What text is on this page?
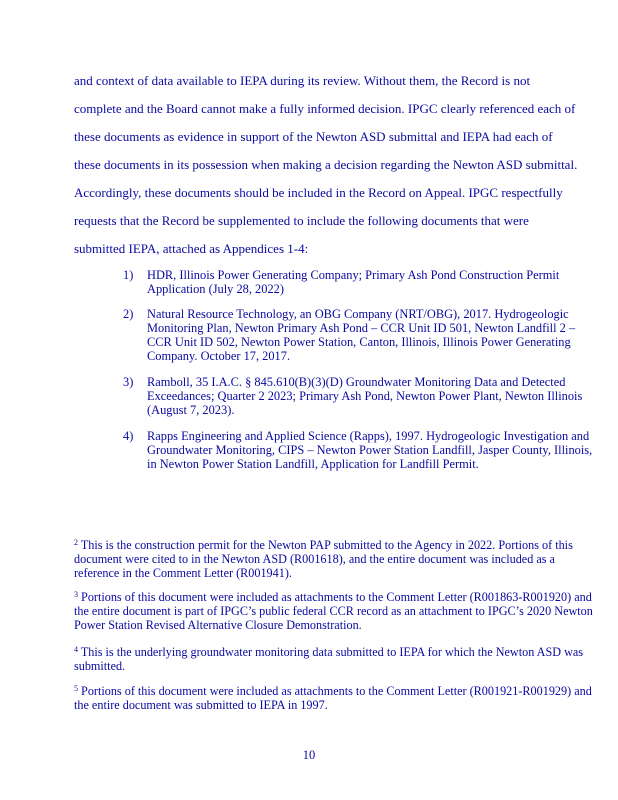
and context of data available to IEPA during its review. Without them, the Record is not
complete and the Board cannot make a fully informed decision. IPGC clearly referenced each of
these documents as evidence in support of the Newton ASD submittal and IEPA had each of
these documents in its possession when making a decision regarding the Newton ASD submittal.
Accordingly, these documents should be included in the Record on Appeal. IPGC respectfully
requests that the Record be supplemented to include the following documents that were
submitted IEPA, attached as Appendices 1-4:
1)	HDR, Illinois Power Generating Company; Primary Ash Pond Construction Permit Application (July 28, 2022)
2)	Natural Resource Technology, an OBG Company (NRT/OBG), 2017. Hydrogeologic Monitoring Plan, Newton Primary Ash Pond – CCR Unit ID 501, Newton Landfill 2 – CCR Unit ID 502, Newton Power Station, Canton, Illinois, Illinois Power Generating Company. October 17, 2017.
3)	Ramboll, 35 I.A.C. § 845.610(B)(3)(D) Groundwater Monitoring Data and Detected Exceedances; Quarter 2 2023; Primary Ash Pond, Newton Power Plant, Newton Illinois (August 7, 2023).
4)	Rapps Engineering and Applied Science (Rapps), 1997. Hydrogeologic Investigation and Groundwater Monitoring, CIPS – Newton Power Station Landfill, Jasper County, Illinois, in Newton Power Station Landfill, Application for Landfill Permit.
$^2$ This is the construction permit for the Newton PAP submitted to the Agency in 2022. Portions of this document were cited to in the Newton ASD (R001618), and the entire document was included as a reference in the Comment Letter (R001941).
$^3$ Portions of this document were included as attachments to the Comment Letter (R001863-R001920) and the entire document is part of IPGC’s public federal CCR record as an attachment to IPGC’s 2020 Newton Power Station Revised Alternative Closure Demonstration.
$^4$ This is the underlying groundwater monitoring data submitted to IEPA for which the Newton ASD was submitted.
$^5$ Portions of this document were included as attachments to the Comment Letter (R001921-R001929) and the entire document was submitted to IEPA in 1997.
10
